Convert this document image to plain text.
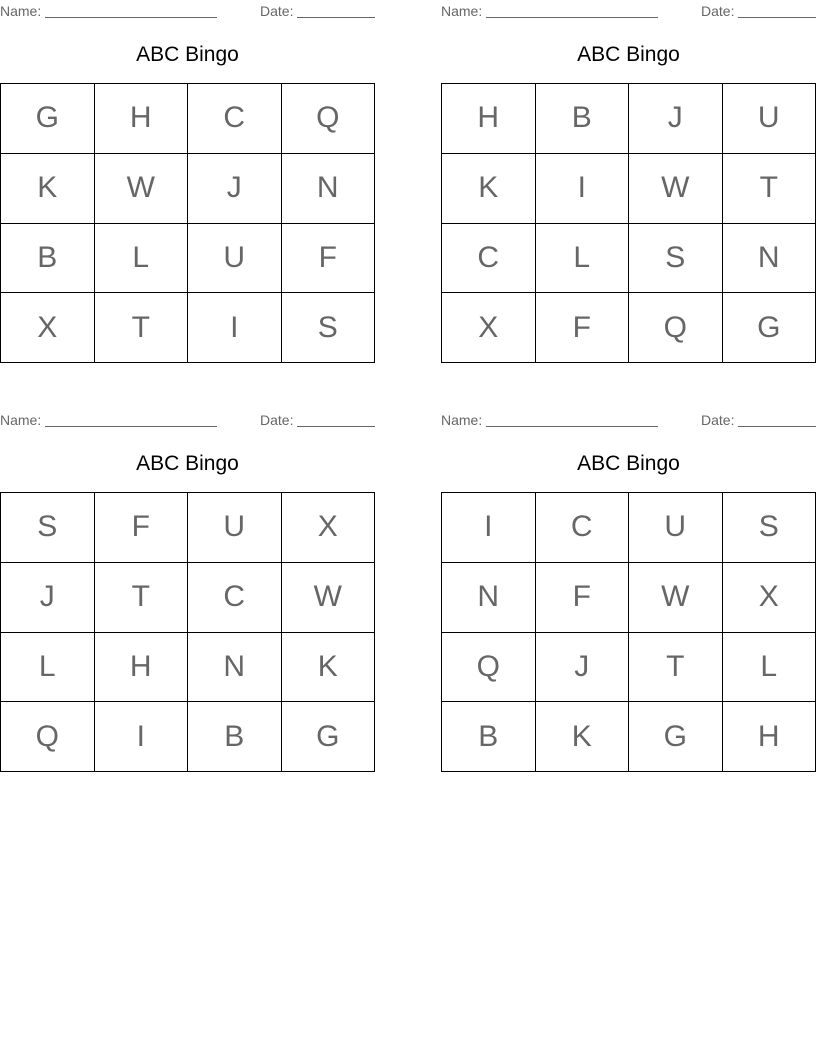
Name:	Date:
ABC Bingo
G	H	C	Q
K	W	J	N
B	L	U	F
X	T	I	S
Name:	Date:
ABC Bingo
H	B	J	U
K	I	W	T
C	L	S	N
X	F	Q	G
Name:	Date:
ABC Bingo
S	F	U	X
J	T	C	W
L	H	N	K
Q	I	B	G
Name:	Date:
ABC Bingo
I	C	U	S
N	F	W	X
Q	J	T	L
B	K	G	H
